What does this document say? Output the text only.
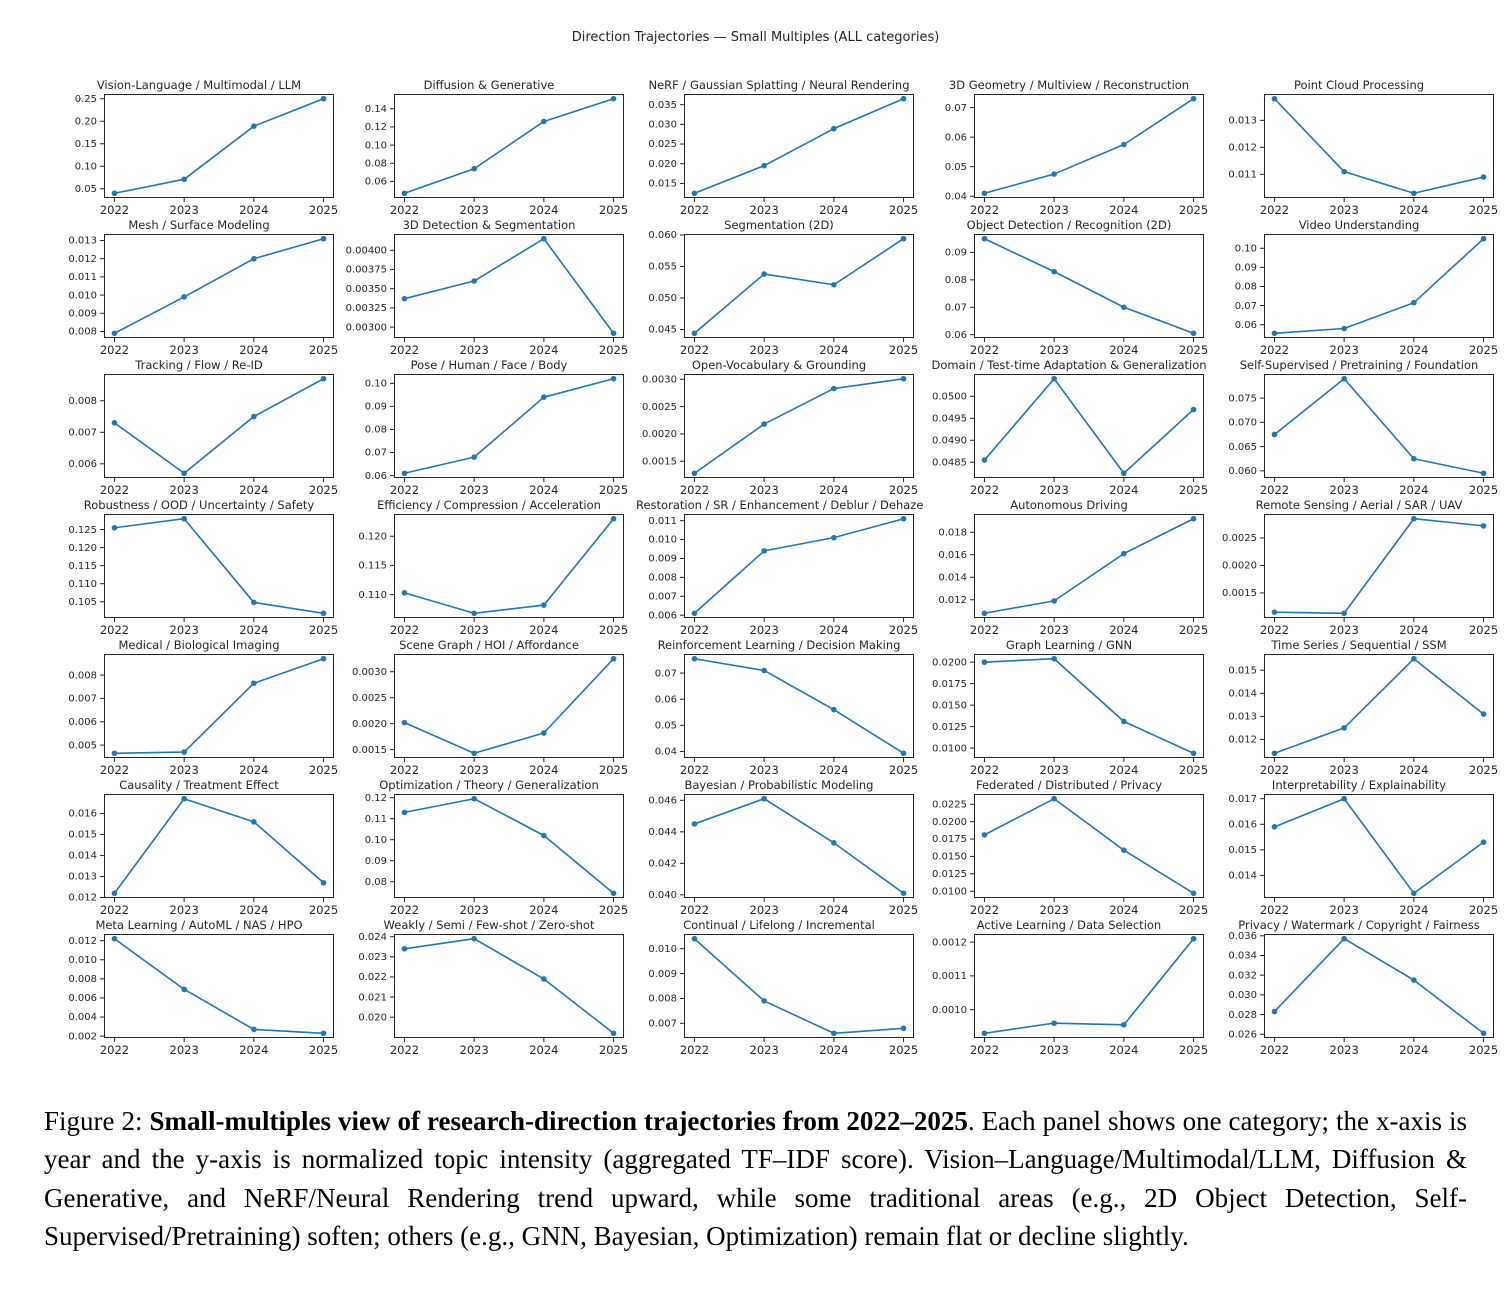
Direction Trajectories — Small Multiples (ALL categories)
Vision-Language / Multimodal / LLM
0.05
0.10
0.15
0.20
0.25
2022	2023	2024	2025
Diffusion & Generative
0.06
0.08
0.10
0.12
0.14
2022	2023	2024	2025
NeRF / Gaussian Splatting / Neural Rendering
0.015
0.020
0.025
0.030
0.035
2022	2023	2024	2025
3D Geometry / Multiview / Reconstruction
0.04
0.05
0.06
0.07
2022	2023	2024	2025
Point Cloud Processing
0.011
0.012
0.013
2022	2023	2024	2025
Mesh / Surface Modeling
0.008
0.009
0.010
0.011
0.012
0.013
2022	2023	2024	2025
3D Detection & Segmentation
0.00300
0.00325
0.00350
0.00375
0.00400
2022	2023	2024	2025
Segmentation (2D)
0.045
0.050
0.055
0.060
2022	2023	2024	2025
Object Detection / Recognition (2D)
0.06
0.07
0.08
0.09
2022	2023	2024	2025
Video Understanding
0.06
0.07
0.08
0.09
0.10
2022	2023	2024	2025
Tracking / Flow / Re-ID
0.006
0.007
0.008
2022	2023	2024	2025
Pose / Human / Face / Body
0.06
0.07
0.08
0.09
0.10
2022	2023	2024	2025
Open-Vocabulary & Grounding
0.0015
0.0020
0.0025
0.0030
2022	2023	2024	2025
Domain / Test-time Adaptation & Generalization
0.0485
0.0490
0.0495
0.0500
2022	2023	2024	2025
Self-Supervised / Pretraining / Foundation
0.060
0.065
0.070
0.075
2022	2023	2024	2025
Robustness / OOD / Uncertainty / Safety
0.105
0.110
0.115
0.120
0.125
2022	2023	2024	2025
Efficiency / Compression / Acceleration
0.110
0.115
0.120
2022	2023	2024	2025
Restoration / SR / Enhancement / Deblur / Dehaze
0.006
0.007
0.008
0.009
0.010
0.011
2022	2023	2024	2025
Autonomous Driving
0.012
0.014
0.016
0.018
2022	2023	2024	2025
Remote Sensing / Aerial / SAR / UAV
0.0015
0.0020
0.0025
2022	2023	2024	2025
Medical / Biological Imaging
0.005
0.006
0.007
0.008
2022	2023	2024	2025
Scene Graph / HOI / Affordance
0.0015
0.0020
0.0025
0.0030
2022	2023	2024	2025
Reinforcement Learning / Decision Making
0.04
0.05
0.06
0.07
2022	2023	2024	2025
Graph Learning / GNN
0.0100
0.0125
0.0150
0.0175
0.0200
2022	2023	2024	2025
Time Series / Sequential / SSM
0.012
0.013
0.014
0.015
2022	2023	2024	2025
Causality / Treatment Effect
0.012
0.013
0.014
0.015
0.016
2022	2023	2024	2025
Optimization / Theory / Generalization
0.08
0.09
0.10
0.11
0.12
2022	2023	2024	2025
Bayesian / Probabilistic Modeling
0.040
0.042
0.044
0.046
2022	2023	2024	2025
Federated / Distributed / Privacy
0.0100
0.0125
0.0150
0.0175
0.0200
0.0225
2022	2023	2024	2025
Interpretability / Explainability
0.014
0.015
0.016
0.017
2022	2023	2024	2025
Meta Learning / AutoML / NAS / HPO
0.002
0.004
0.006
0.008
0.010
0.012
2022	2023	2024	2025
Weakly / Semi / Few-shot / Zero-shot
0.020
0.021
0.022
0.023
0.024
2022	2023	2024	2025
Continual / Lifelong / Incremental
0.007
0.008
0.009
0.010
2022	2023	2024	2025
Active Learning / Data Selection
0.0010
0.0011
0.0012
2022	2023	2024	2025
Privacy / Watermark / Copyright / Fairness
0.026
0.028
0.030
0.032
0.034
0.036
2022	2023	2024	2025
Figure 2: Small-multiples view of research-direction trajectories from 2022–2025. Each panel shows one category; the x-axis is year and the y-axis is normalized topic intensity (aggregated TF–IDF score). Vision–Language/Multimodal/LLM, Diffusion & Generative, and NeRF/Neural Rendering trend upward, while some traditional areas (e.g., 2D Object Detection, Self-Supervised/Pretraining) soften; others (e.g., GNN, Bayesian, Optimization) remain flat or decline slightly.
